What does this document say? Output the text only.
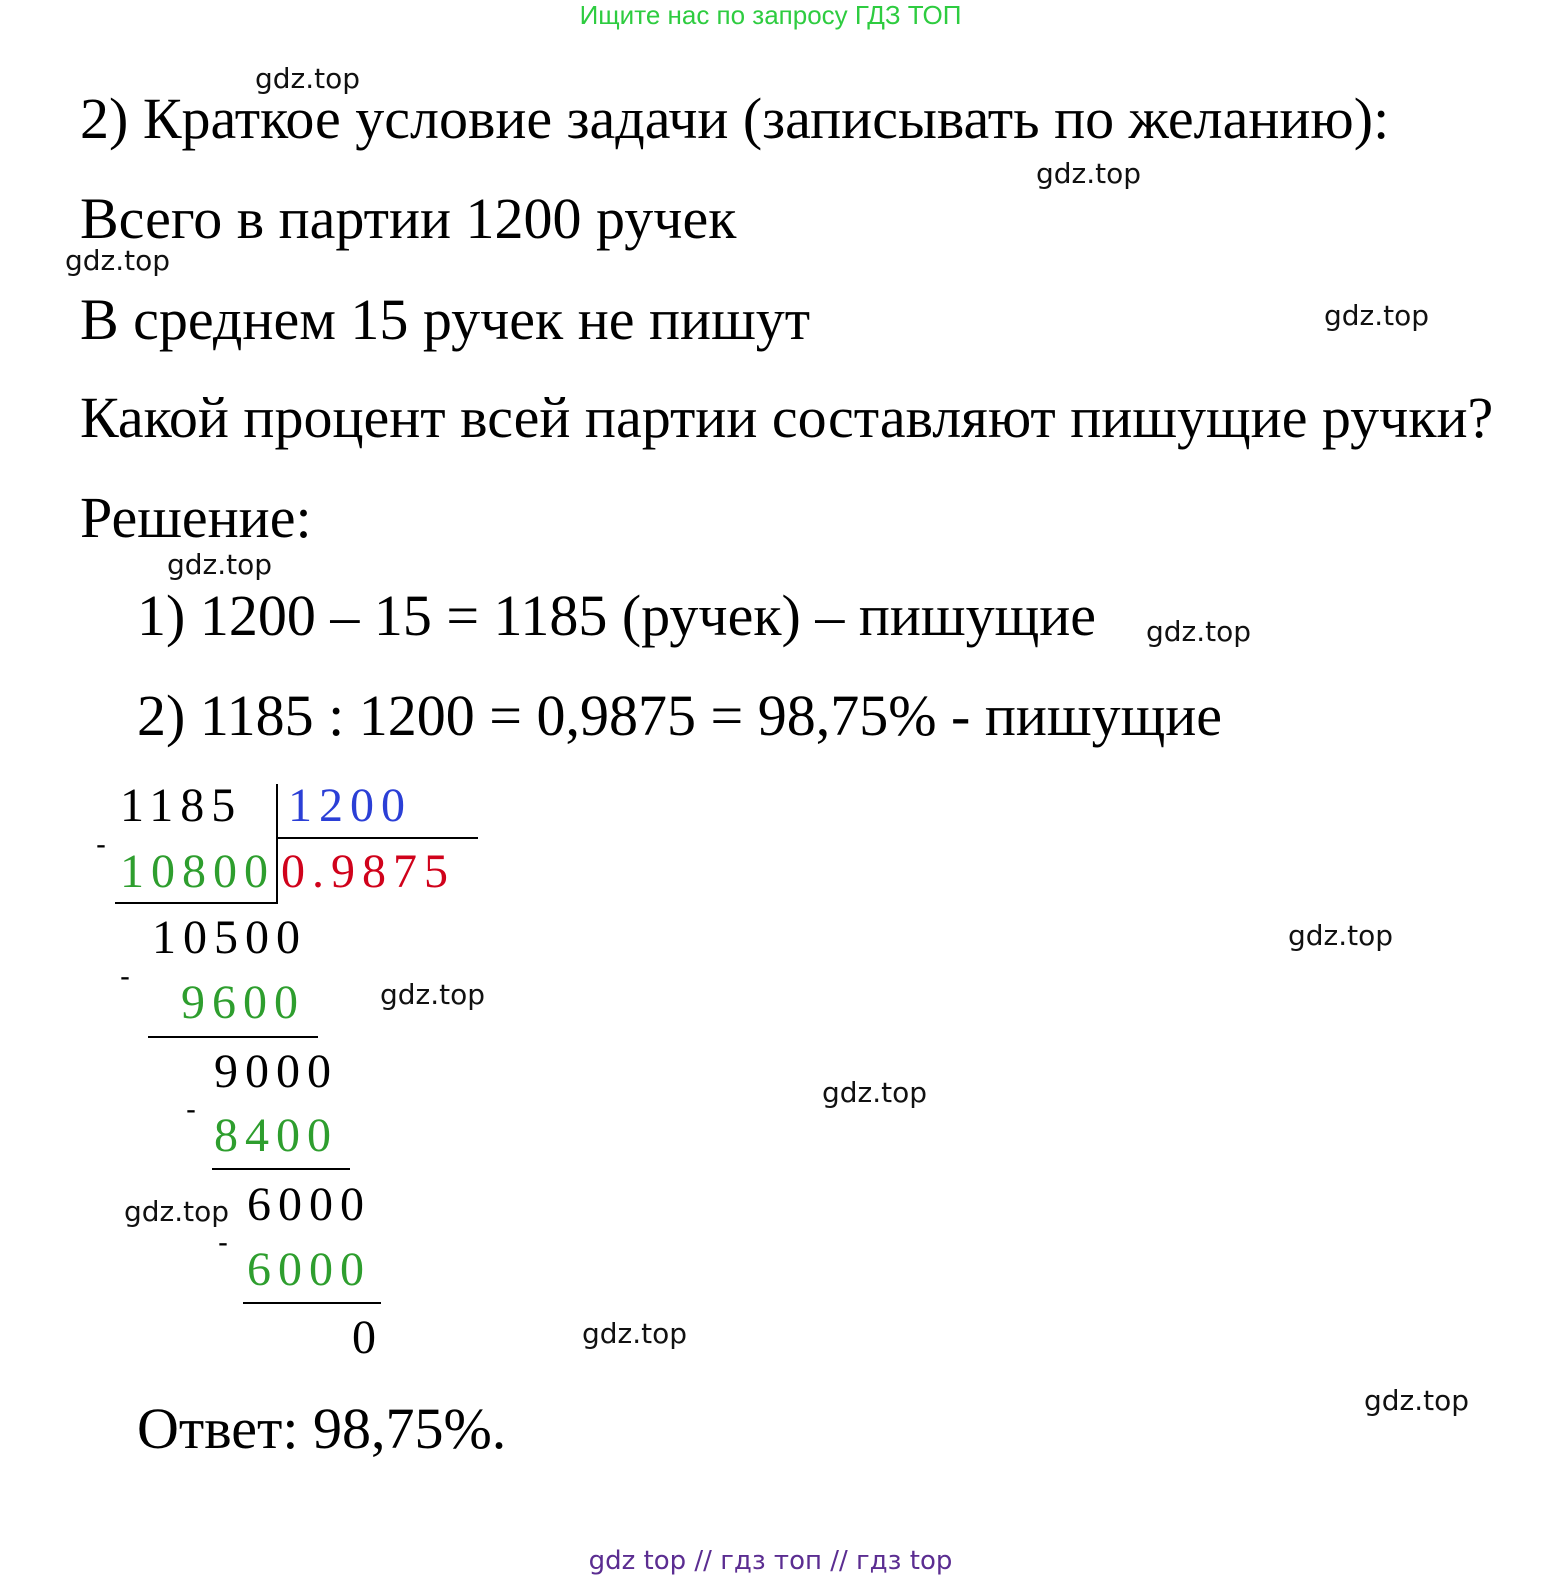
Ищите нас по запросу ГДЗ ТОП
gdz.top
gdz.top
gdz.top
gdz.top
gdz.top
gdz.top
gdz.top
gdz.top
gdz.top
gdz.top
gdz.top
gdz.top
2) Краткое условие задачи (записывать по желанию):
Всего в партии 1200 ручек
В среднем 15 ручек не пишут
Какой процент всей партии составляют пишущие ручки?
Решение:
1) 1200 – 15 = 1185 (ручек) – пишущие
2) 1185 : 1200 = 0,9875 = 98,75% - пишущие
1185 1200
-
10800 0.9875
10500
- 9600
9000
- 8400
6000
-
6000
0
Ответ: 98,75%.
gdz top // гдз топ // гдз top
